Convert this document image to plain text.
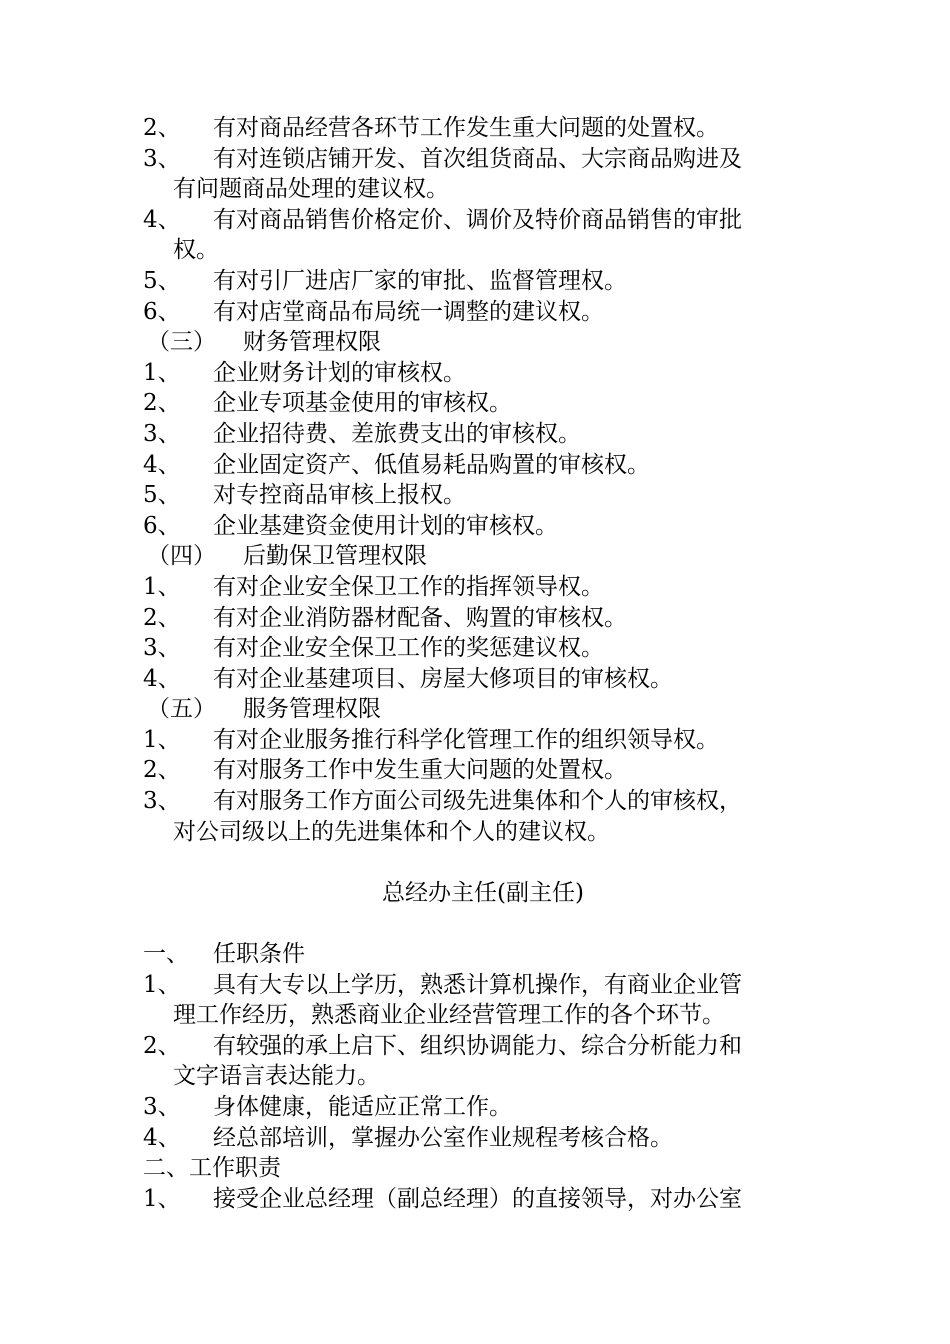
2、 有对商品经营各环节工作发生重大问题的处置权。
3、 有对连锁店铺开发、首次组货商品、大宗商品购进及
有问题商品处理的建议权。
4、 有对商品销售价格定价、调价及特价商品销售的审批
权。
5、 有对引厂进店厂家的审批、监督管理权。
6、 有对店堂商品布局统一调整的建议权。
（三） 财务管理权限
1、 企业财务计划的审核权。
2、 企业专项基金使用的审核权。
3、 企业招待费、差旅费支出的审核权。
4、 企业固定资产、低值易耗品购置的审核权。
5、 对专控商品审核上报权。
6、 企业基建资金使用计划的审核权。
（四） 后勤保卫管理权限
1、 有对企业安全保卫工作的指挥领导权。
2、 有对企业消防器材配备、购置的审核权。
3、 有对企业安全保卫工作的奖惩建议权。
4、 有对企业基建项目、房屋大修项目的审核权。
（五） 服务管理权限
1、 有对企业服务推行科学化管理工作的组织领导权。
2、 有对服务工作中发生重大问题的处置权。
3、 有对服务工作方面公司级先进集体和个人的审核权，
对公司级以上的先进集体和个人的建议权。
总经办主任(副主任)
一、 任职条件
1、 具有大专以上学历，熟悉计算机操作，有商业企业管
理工作经历，熟悉商业企业经营管理工作的各个环节。
2、 有较强的承上启下、组织协调能力、综合分析能力和
文字语言表达能力。
3、 身体健康，能适应正常工作。
4、 经总部培训，掌握办公室作业规程考核合格。
二、工作职责
1、 接受企业总经理（副总经理）的直接领导，对办公室
